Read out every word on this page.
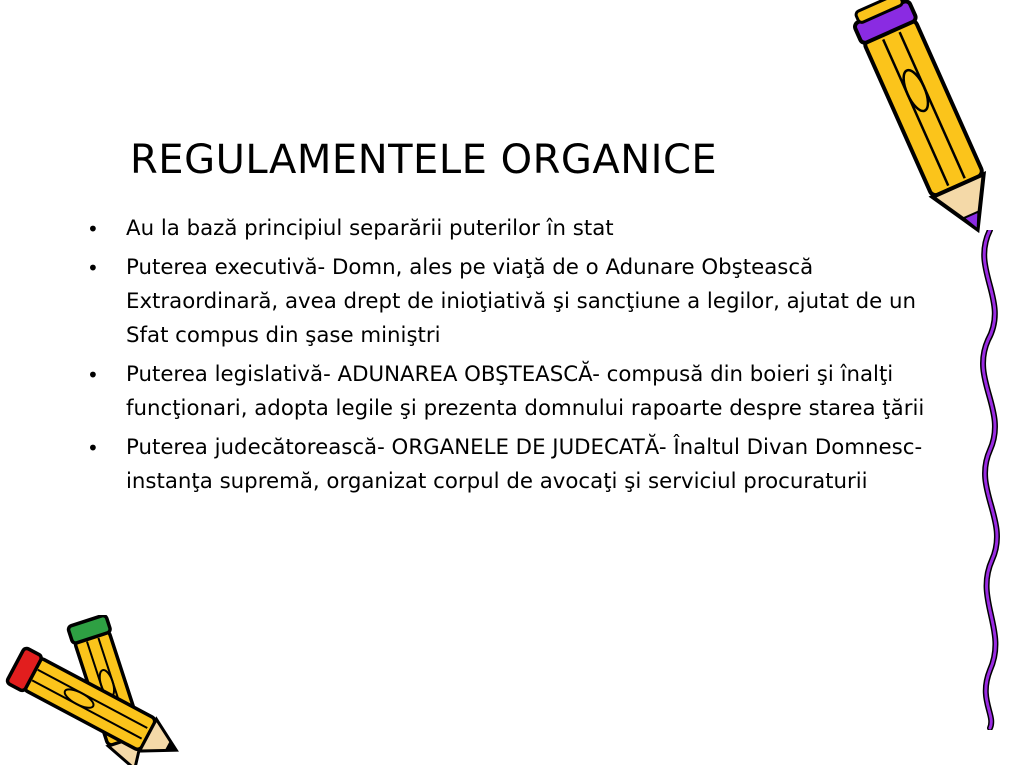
REGULAMENTELE ORGANICE
•	Au la bază principiul separării puterilor în stat
•	Puterea executivă- Domn, ales pe viaţă de o Adunare Obştească Extraordinară, avea drept de inioţiativă şi sancţiune a legilor, ajutat de un Sfat compus din şase miniştri
•	Puterea legislativă- ADUNAREA OBŞTEASCĂ- compusă din boieri şi înalţi funcţionari, adopta legile şi prezenta domnului rapoarte despre starea ţării
•	Puterea judecătorească- ORGANELE DE JUDECATĂ- Înaltul Divan Domnesc- instanţa supremă, organizat corpul de avocaţi şi serviciul procuraturii
